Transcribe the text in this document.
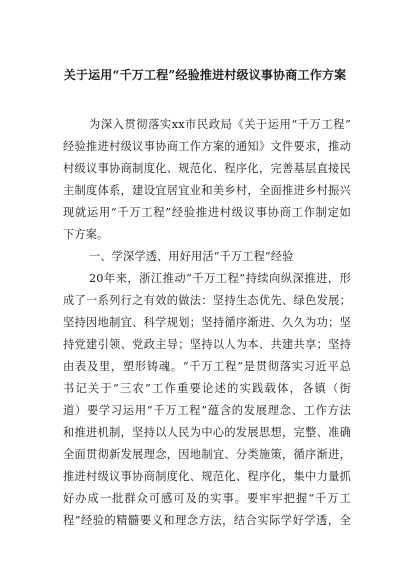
关于运用“千万工程”经验推进村级议事协商工作方案
为深入贯彻落实xx市民政局《关于运用“千万工程”
经验推进村级议事协商工作方案的通知》文件要求，推动
村级议事协商制度化、规范化、程序化，完善基层直接民
主制度体系，建设宜居宜业和美乡村，全面推进乡村振兴
现就运用“千万工程”经验推进村级议事协商工作制定如
下方案。
一、学深学透、用好用活“千万工程”经验
20年来，浙江推动“千万工程”持续向纵深推进，形
成了一系列行之有效的做法：坚持生态优先、绿色发展；
坚持因地制宜、科学规划；坚持循序渐进、久久为功；坚
持党建引领、党政主导；坚持以人为本、共建共享；坚持
由表及里，塑形铸魂。“千万工程”是贯彻落实习近平总
书记关于“三农”工作重要论述的实践载体，各镇（街
道）要学习运用“千万工程”蕴含的发展理念、工作方法
和推进机制，坚持以人民为中心的发展思想，完整、准确
全面贯彻新发展理念，因地制宜、分类施策，循序渐进，
推进村级议事协商制度化、规范化、程序化，集中力量抓
好办成一批群众可感可及的实事。要牢牢把握“千万工
程”经验的精髓要义和理念方法，结合实际学好学透，全
